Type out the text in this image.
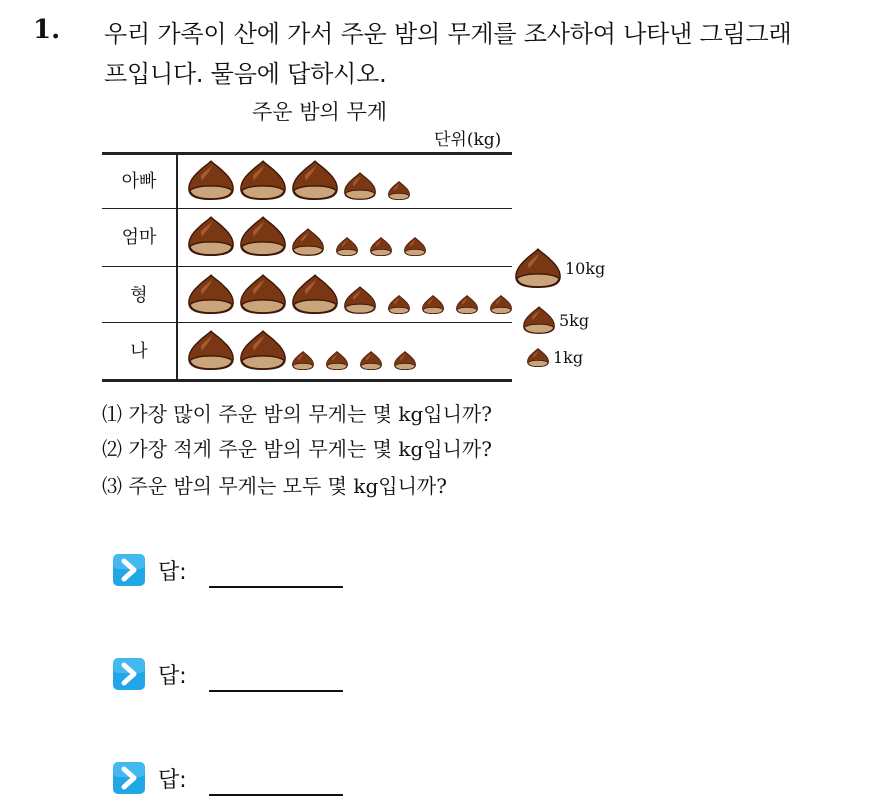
1. 우리 가족이 산에 가서 주운 밤의 무게를 조사하여 나타낸 그림그래
프입니다. 물음에 답하시오.
주운 밤의 무게
단위(kg)
아빠
엄마
형
나
10kg
5kg
1kg
⑴ 가장 많이 주운 밤의 무게는 몇 kg입니까?
⑵ 가장 적게 주운 밤의 무게는 몇 kg입니까?
⑶ 주운 밤의 무게는 모두 몇 kg입니까?
답:
답:
답:
